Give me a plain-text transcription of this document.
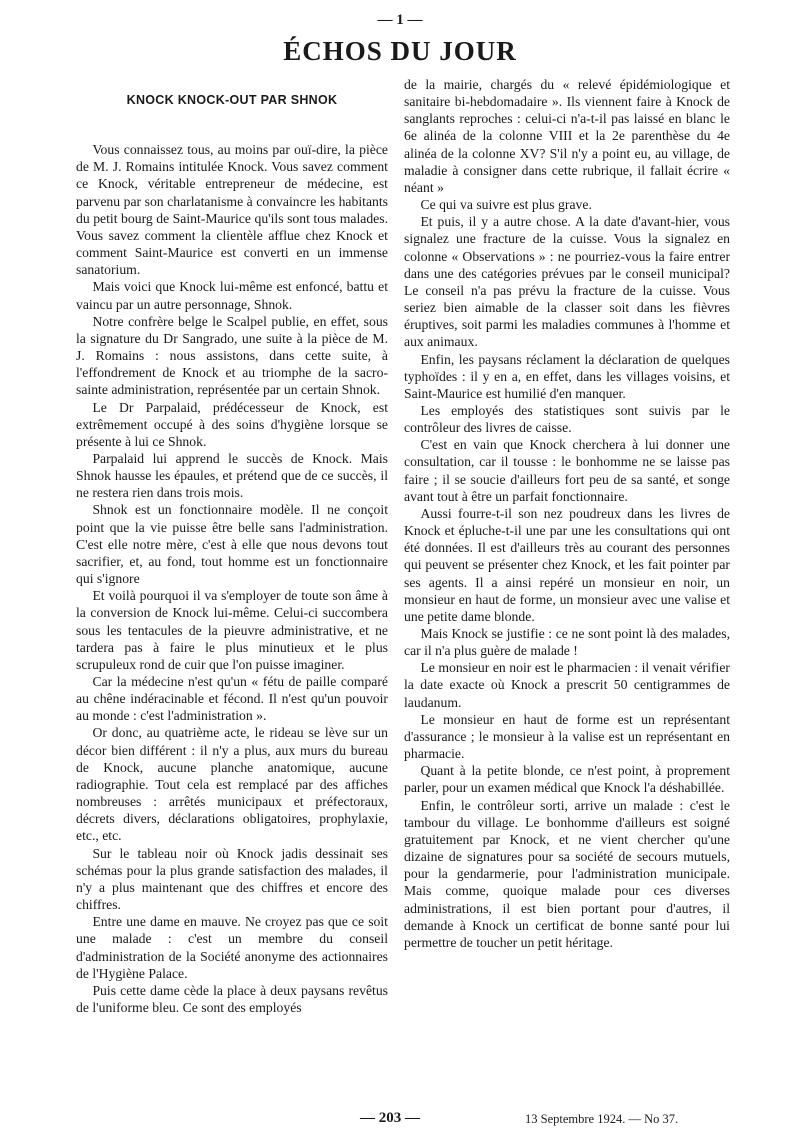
— 1 —
ÉCHOS DU JOUR
KNOCK KNOCK-OUT PAR SHNOK

Vous connaissez tous, au moins par ouï-dire, la pièce de M. J. Romains intitulée Knock. Vous savez comment ce Knock, véritable entrepreneur de médecine, est parvenu par son charlatanisme à convaincre les habitants du petit bourg de Saint-Maurice qu'ils sont tous malades. Vous savez comment la clientèle afflue chez Knock et comment Saint-Maurice est converti en un immense sanatorium.

Mais voici que Knock lui-même est enfoncé, battu et vaincu par un autre personnage, Shnok.

Notre confrère belge le Scalpel publie, en effet, sous la signature du Dr Sangrado, une suite à la pièce de M. J. Romains : nous assistons, dans cette suite, à l'effondrement de Knock et au triomphe de la sacro-sainte administration, représentée par un certain Shnok.

Le Dr Parpalaid, prédécesseur de Knock, est extrêmement occupé à des soins d'hygiène lorsque se présente à lui ce Shnok.

Parpalaid lui apprend le succès de Knock. Mais Shnok hausse les épaules, et prétend que de ce succès, il ne restera rien dans trois mois.

Shnok est un fonctionnaire modèle. Il ne conçoit point que la vie puisse être belle sans l'administration. C'est elle notre mère, c'est à elle que nous devons tout sacrifier, et, au fond, tout homme est un fonctionnaire qui s'ignore

Et voilà pourquoi il va s'employer de toute son âme à la conversion de Knock lui-même. Celui-ci succombera sous les tentacules de la pieuvre administrative, et ne tardera pas à faire le plus minutieux et le plus scrupuleux rond de cuir que l'on puisse imaginer.

Car la médecine n'est qu'un « fétu de paille comparé au chêne indéracinable et fécond. Il n'est qu'un pouvoir au monde : c'est l'administration ».

Or donc, au quatrième acte, le rideau se lève sur un décor bien différent : il n'y a plus, aux murs du bureau de Knock, aucune planche anatomique, aucune radiographie. Tout cela est remplacé par des affiches nombreuses : arrêtés municipaux et préfectoraux, décrets divers, déclarations obligatoires, prophylaxie, etc., etc.

Sur le tableau noir où Knock jadis dessinait ses schémas pour la plus grande satisfaction des malades, il n'y a plus maintenant que des chiffres et encore des chiffres.

Entre une dame en mauve. Ne croyez pas que ce soit une malade : c'est un membre du conseil d'administration de la Société anonyme des actionnaires de l'Hygiène Palace.

Puis cette dame cède la place à deux paysans revêtus de l'uniforme bleu. Ce sont des employés

de la mairie, chargés du « relevé épidémiologique et sanitaire bi-hebdomadaire ». Ils viennent faire à Knock de sanglants reproches : celui-ci n'a-t-il pas laissé en blanc le 6e alinéa de la colonne VIII et la 2e parenthèse du 4e alinéa de la colonne XV? S'il n'y a point eu, au village, de maladie à consigner dans cette rubrique, il fallait écrire « néant »

Ce qui va suivre est plus grave.

Et puis, il y a autre chose. A la date d'avant-hier, vous signalez une fracture de la cuisse. Vous la signalez en colonne « Observations » : ne pourriez-vous la faire entrer dans une des catégories prévues par le conseil municipal? Le conseil n'a pas prévu la fracture de la cuisse. Vous seriez bien aimable de la classer soit dans les fièvres éruptives, soit parmi les maladies communes à l'homme et aux animaux.

Enfin, les paysans réclament la déclaration de quelques typhoïdes : il y en a, en effet, dans les villages voisins, et Saint-Maurice est humilié d'en manquer.

Les employés des statistiques sont suivis par le contrôleur des livres de caisse.

C'est en vain que Knock cherchera à lui donner une consultation, car il tousse : le bonhomme ne se laisse pas faire ; il se soucie d'ailleurs fort peu de sa santé, et songe avant tout à être un parfait fonctionnaire.

Aussi fourre-t-il son nez poudreux dans les livres de Knock et épluche-t-il une par une les consultations qui ont été données. Il est d'ailleurs très au courant des personnes qui peuvent se présenter chez Knock, et les fait pointer par ses agents. Il a ainsi repéré un monsieur en noir, un monsieur en haut de forme, un monsieur avec une valise et une petite dame blonde.

Mais Knock se justifie : ce ne sont point là des malades, car il n'a plus guère de malade !

Le monsieur en noir est le pharmacien : il venait vérifier la date exacte où Knock a prescrit 50 centigrammes de laudanum.

Le monsieur en haut de forme est un représentant d'assurance ; le monsieur à la valise est un représentant en pharmacie.

Quant à la petite blonde, ce n'est point, à proprement parler, pour un examen médical que Knock l'a déshabillée.

Enfin, le contrôleur sorti, arrive un malade : c'est le tambour du village. Le bonhomme d'ailleurs est soigné gratuitement par Knock, et ne vient chercher qu'une dizaine de signatures pour sa société de secours mutuels, pour la gendarmerie, pour l'administration municipale. Mais comme, quoique malade pour ces diverses administrations, il est bien portant pour d'autres, il demande à Knock un certificat de bonne santé pour lui permettre de toucher un petit héritage.

— 203 —	13 Septembre 1924. — No 37.
